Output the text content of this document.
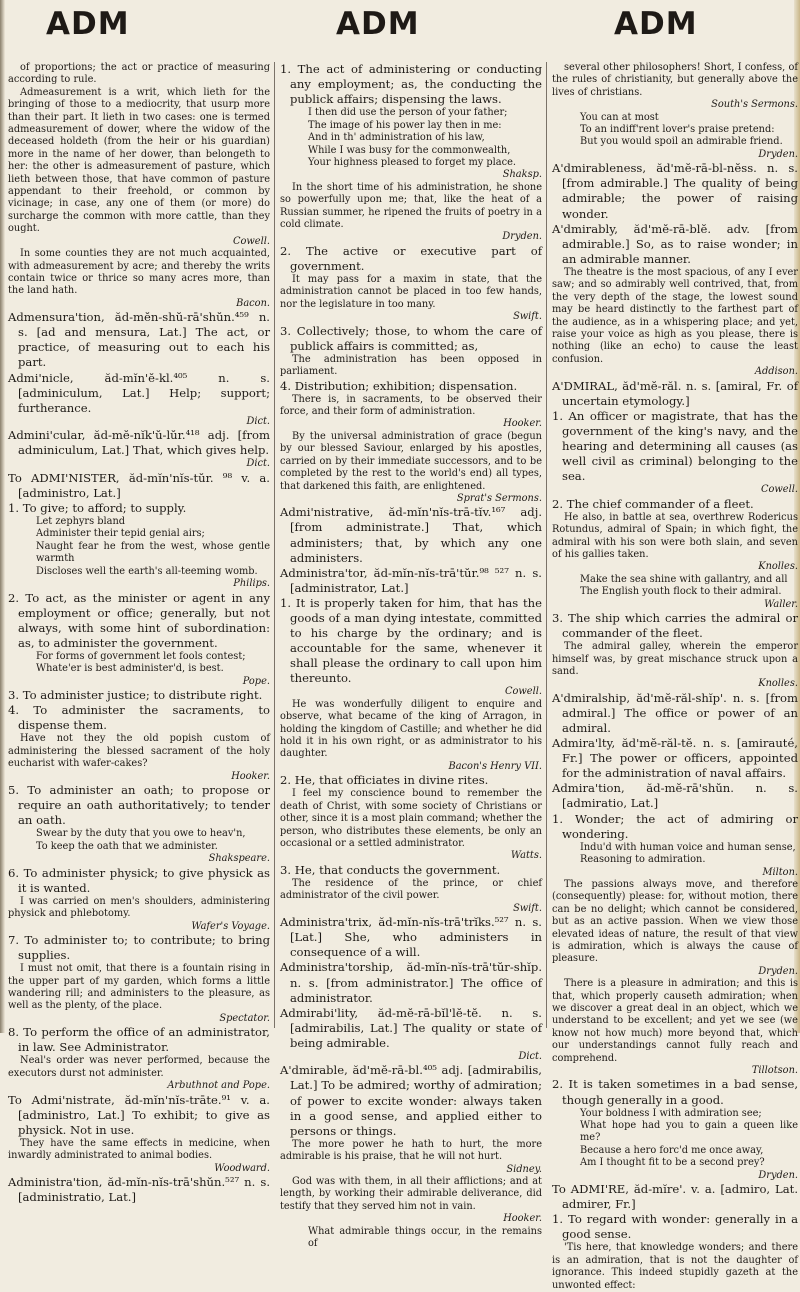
ADM	ADM	ADM

of proportions; the act or practice of measuring according to rule.

Admeasurement is a writ, which lieth for the bringing of those to a mediocrity, that usurp more than their part. It lieth in two cases: one is termed admeasurement of dower, where the widow of the deceased holdeth (from the heir or his guardian) more in the name of her dower, than belongeth to her: the other is admeasurement of pasture, which lieth between those, that have common of pasture appendant to their freehold, or common by vicinage; in case, any one of them (or more) do surcharge the common with more cattle, than they ought.

Cowell.

In some counties they are not much acquainted, with admeasurement by acre; and thereby the writs contain twice or thrice so many acres more, than the land hath.

Bacon.

Admensura'tion, ăd-mĕn-shŭ-rā'shŭn.⁴⁵⁹ n. s. [ad and mensura, Lat.] The act, or practice, of measuring out to each his part.

Admi'nicle, ăd-mĭn'ĕ-kl.⁴⁰⁵ n. s. [adminiculum, Lat.] Help; support; furtherance.

Dict.

Admini'cular, ăd-mĕ-nĭk'ŭ-lŭr.⁴¹⁸ adj. [from adminiculum, Lat.] That, which gives help.

Dict.

To ADMI'NISTER, ăd-mĭn'nĭs-tŭr. ⁹⁸ v. a. [administro, Lat.]

1. To give; to afford; to supply.

Let zephyrs bland

Administer their tepid genial airs;

Naught fear he from the west, whose gentle warmth

Discloses well the earth's all-teeming womb.

Philips.

2. To act, as the minister or agent in any employment or office; generally, but not always, with some hint of subordination: as, to administer the government.

For forms of government let fools contest;

Whate'er is best administer'd, is best.

Pope.

3. To administer justice; to distribute right.

4. To administer the sacraments, to dispense them.

Have not they the old popish custom of administering the blessed sacrament of the holy eucharist with wafer-cakes?

Hooker.

5. To administer an oath; to propose or require an oath authoritatively; to tender an oath.

Swear by the duty that you owe to heav'n,

To keep the oath that we administer.

Shakspeare.

6. To administer physick; to give physick as it is wanted.

I was carried on men's shoulders, administering physick and phlebotomy.

Wafer's Voyage.

7. To administer to; to contribute; to bring supplies.

I must not omit, that there is a fountain rising in the upper part of my garden, which forms a little wandering rill; and administers to the pleasure, as well as the plenty, of the place.

Spectator.

8. To perform the office of an administrator, in law. See Administrator.

Neal's order was never performed, because the executors durst not administer.

Arbuthnot and Pope.

To Admi'nistrate, ăd-mĭn'nĭs-trāte.⁹¹ v. a. [administro, Lat.] To exhibit; to give as physick. Not in use.

They have the same effects in medicine, when inwardly administrated to animal bodies.

Woodward.

Administra'tion, ăd-mĭn-nĭs-trā'shŭn.⁵²⁷ n. s. [administratio, Lat.]

1. The act of administering or conducting any employment; as, the conducting the publick affairs; dispensing the laws.

I then did use the person of your father;

The image of his power lay then in me:

And in th' administration of his law,

While I was busy for the commonwealth,

Your highness pleased to forget my place.

Shaksp.

In the short time of his administration, he shone so powerfully upon me; that, like the heat of a Russian summer, he ripened the fruits of poetry in a cold climate.

Dryden.

2. The active or executive part of government.

It may pass for a maxim in state, that the administration cannot be placed in too few hands, nor the legislature in too many.

Swift.

3. Collectively; those, to whom the care of publick affairs is committed; as,

The administration has been opposed in parliament.

4. Distribution; exhibition; dispensation.

There is, in sacraments, to be observed their force, and their form of administration.

Hooker.

By the universal administration of grace (begun by our blessed Saviour, enlarged by his apostles, carried on by their immediate successors, and to be completed by the rest to the world's end) all types, that darkened this faith, are enlightened.

Sprat's Sermons.

Admi'nistrative, ăd-mĭn'nĭs-trā-tĭv.¹⁶⁷ adj. [from administrate.] That, which administers; that, by which any one administers.

Administra'tor, ăd-mĭn-nĭs-trā'tŭr.⁹⁸ ⁵²⁷ n. s. [administrator, Lat.]

1. It is properly taken for him, that has the goods of a man dying intestate, committed to his charge by the ordinary; and is accountable for the same, whenever it shall please the ordinary to call upon him thereunto.

Cowell.

He was wonderfully diligent to enquire and observe, what became of the king of Arragon, in holding the kingdom of Castille; and whether he did hold it in his own right, or as administrator to his daughter.

Bacon's Henry VII.

2. He, that officiates in divine rites.

I feel my conscience bound to remember the death of Christ, with some society of Christians or other, since it is a most plain command; whether the person, who distributes these elements, be only an occasional or a settled administrator.

Watts.

3. He, that conducts the government.

The residence of the prince, or chief administrator of the civil power.

Swift.

Administra'trix, ăd-mĭn-nĭs-trā'trĭks.⁵²⁷ n. s. [Lat.] She, who administers in consequence of a will.

Administra'torship, ăd-mĭn-nĭs-trā'tŭr-shĭp. n. s. [from administrator.] The office of administrator.

Admirabi'lity, ăd-mĕ-rā-bĭl'lĕ-tĕ. n. s. [admirabilis, Lat.] The quality or state of being admirable.

Dict.

A'dmirable, ăd'mĕ-rā-bl.⁴⁰⁵ adj. [admirabilis, Lat.] To be admired; worthy of admiration; of power to excite wonder: always taken in a good sense, and applied either to persons or things.

The more power he hath to hurt, the more admirable is his praise, that he will not hurt.

Sidney.

God was with them, in all their afflictions; and at length, by working their admirable deliverance, did testify that they served him not in vain.

Hooker.

What admirable things occur, in the remains of

several other philosophers! Short, I confess, of the rules of christianity, but generally above the lives of christians.

South's Sermons.

You can at most

To an indiff'rent lover's praise pretend:

But you would spoil an admirable friend.

Dryden.

A'dmirableness, ăd'mĕ-rā-bl-nĕss. n. s. [from admirable.] The quality of being admirable; the power of raising wonder.

A'dmirably, ăd'mĕ-rā-blĕ. adv. [from admirable.] So, as to raise wonder; in an admirable manner.

The theatre is the most spacious, of any I ever saw; and so admirably well contrived, that, from the very depth of the stage, the lowest sound may be heard distinctly to the farthest part of the audience, as in a whispering place; and yet, raise your voice as high as you please, there is nothing (like an echo) to cause the least confusion.

Addison.

A'DMIRAL, ăd'mĕ-răl. n. s. [amiral, Fr. of uncertain etymology.]

1. An officer or magistrate, that has the government of the king's navy, and the hearing and determining all causes (as well civil as criminal) belonging to the sea.

Cowell.

2. The chief commander of a fleet.

He also, in battle at sea, overthrew Rodericus Rotundus, admiral of Spain; in which fight, the admiral with his son were both slain, and seven of his gallies taken.

Knolles.

Make the sea shine with gallantry, and all

The English youth flock to their admiral.

Waller.

3. The ship which carries the admiral or commander of the fleet.

The admiral galley, wherein the emperor himself was, by great mischance struck upon a sand.

Knolles.

A'dmiralship, ăd'mĕ-răl-shĭp'. n. s. [from admiral.] The office or power of an admiral.

Admira'lty, ăd'mĕ-răl-tĕ. n. s. [amirauté, Fr.] The power or officers, appointed for the administration of naval affairs.

Admira'tion, ăd-mĕ-rā'shŭn. n. s. [admiratio, Lat.]

1. Wonder; the act of admiring or wondering.

Indu'd with human voice and human sense,

Reasoning to admiration.

Milton.

The passions always move, and therefore (consequently) please: for, without motion, there can be no delight; which cannot be considered, but as an active passion. When we view those elevated ideas of nature, the result of that view is admiration, which is always the cause of pleasure.

Dryden.

There is a pleasure in admiration; and this is that, which properly causeth admiration; when we discover a great deal in an object, which we understand to be excellent; and yet we see (we know not how much) more beyond that, which our understandings cannot fully reach and comprehend.

Tillotson.

2. It is taken sometimes in a bad sense, though generally in a good.

Your boldness I with admiration see;

What hope had you to gain a queen like me?

Because a hero forc'd me once away,

Am I thought fit to be a second prey?

Dryden.

To ADMI'RE, ăd-mĭre'. v. a. [admiro, Lat. admirer, Fr.]

1. To regard with wonder: generally in a good sense.

'Tis here, that knowledge wonders; and there is an admiration, that is not the daughter of ignorance. This indeed stupidly gazeth at the unwonted effect:
